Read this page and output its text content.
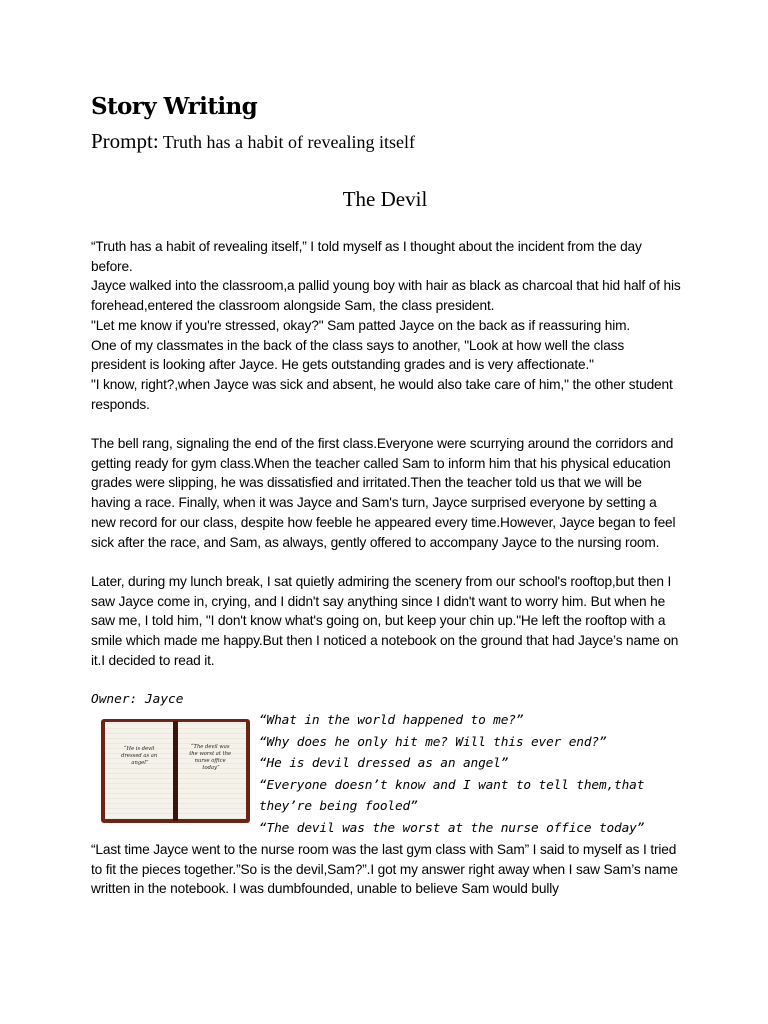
Story Writing
Prompt: Truth has a habit of revealing itself
The Devil

“Truth has a habit of revealing itself,” I told myself as I thought about the incident from the day before.

Jayce walked into the classroom,a pallid young boy with hair as black as charcoal that hid half of his forehead,entered the classroom alongside Sam, the class president.

"Let me know if you're stressed, okay?" Sam patted Jayce on the back as if reassuring him.

One of my classmates in the back of the class says to another, "Look at how well the class president is looking after Jayce. He gets outstanding grades and is very affectionate."

"I know, right?,when Jayce was sick and absent, he would also take care of him," the other student responds.

The bell rang, signaling the end of the first class.Everyone were scurrying around the corridors and getting ready for gym class.When the teacher called Sam to inform him that his physical education grades were slipping, he was dissatisfied and irritated.Then the teacher told us that we will be having a race. Finally, when it was Jayce and Sam's turn, Jayce surprised everyone by setting a new record for our class, despite how feeble he appeared every time.However, Jayce began to feel sick after the race, and Sam, as always, gently offered to accompany Jayce to the nursing room.

Later, during my lunch break, I sat quietly admiring the scenery from our school's rooftop,but then I saw Jayce come in, crying, and I didn't say anything since I didn't want to worry him. But when he saw me, I told him, "I don't know what's going on, but keep your chin up."He left the rooftop with a smile which made me happy.But then I noticed a notebook on the ground that had Jayce’s name on it.I decided to read it.

Owner: Jayce
“He is devil dressed as an angel”
“The devil was the worst at the nurse office today”
“What in the world happened to me?”
“Why does he only hit me? Will this ever end?”
“He is devil dressed as an angel”
“Everyone doesn’t know and I want to tell them,that they’re being fooled”
“The devil was the worst at the nurse office today”
“Last time Jayce went to the nurse room was the last gym class with Sam” I said to myself as I tried to fit the pieces together.”So is the devil,Sam?”.I got my answer right away when I saw Sam’s name written in the notebook. I was dumbfounded, unable to believe Sam would bully
